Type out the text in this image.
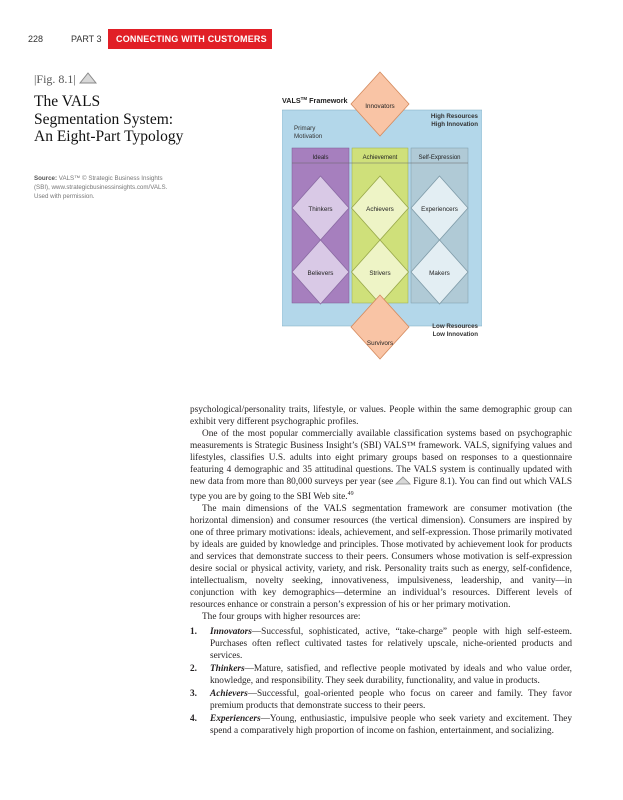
228	PART 3 CONNECTING WITH CUSTOMERS
|Fig. 8.1|
The VALS Segmentation System: An Eight-Part Typology
Source: VALS™ © Strategic Business Insights (SBI), www.strategicbusinessinsights.com/VALS. Used with permission.
VALS™ Framework
Primary Motivation
High Resources High Innovation
Ideals	Achievement	Self-Expression
Low Resources Low Innovation
Innovators
Thinkers	Achievers	Experiencers
Believers	Strivers	Makers
Survivors

psychological/personality traits, lifestyle, or values. People within the same demographic group can exhibit very different psychographic profiles.

One of the most popular commercially available classification systems based on psychographic measurements is Strategic Business Insight’s (SBI) VALS™ framework. VALS, signifying values and lifestyles, classifies U.S. adults into eight primary groups based on responses to a questionnaire featuring 4 demographic and 35 attitudinal questions. The VALS system is continually updated with new data from more than 80,000 surveys per year (see Figure 8.1). You can find out which VALS type you are by going to the SBI Web site.$^{49}$

The main dimensions of the VALS segmentation framework are consumer motivation (the horizontal dimension) and consumer resources (the vertical dimension). Consumers are inspired by one of three primary motivations: ideals, achievement, and self-expression. Those primarily motivated by ideals are guided by knowledge and principles. Those motivated by achievement look for products and services that demonstrate success to their peers. Consumers whose motivation is self-expression desire social or physical activity, variety, and risk. Personality traits such as energy, self-confidence, intellectualism, novelty seeking, innovativeness, impulsiveness, leadership, and vanity—in conjunction with key demographics—determine an individual’s resources. Different levels of resources enhance or constrain a person’s expression of his or her primary motivation.

The four groups with higher resources are:

1. Innovators—Successful, sophisticated, active, “take-charge” people with high self-esteem. Purchases often reflect cultivated tastes for relatively upscale, niche-oriented products and services.
2. Thinkers—Mature, satisfied, and reflective people motivated by ideals and who value order, knowledge, and responsibility. They seek durability, functionality, and value in products.
3. Achievers—Successful, goal-oriented people who focus on career and family. They favor premium products that demonstrate success to their peers.
4. Experiencers—Young, enthusiastic, impulsive people who seek variety and excitement. They spend a comparatively high proportion of income on fashion, entertainment, and socializing.
